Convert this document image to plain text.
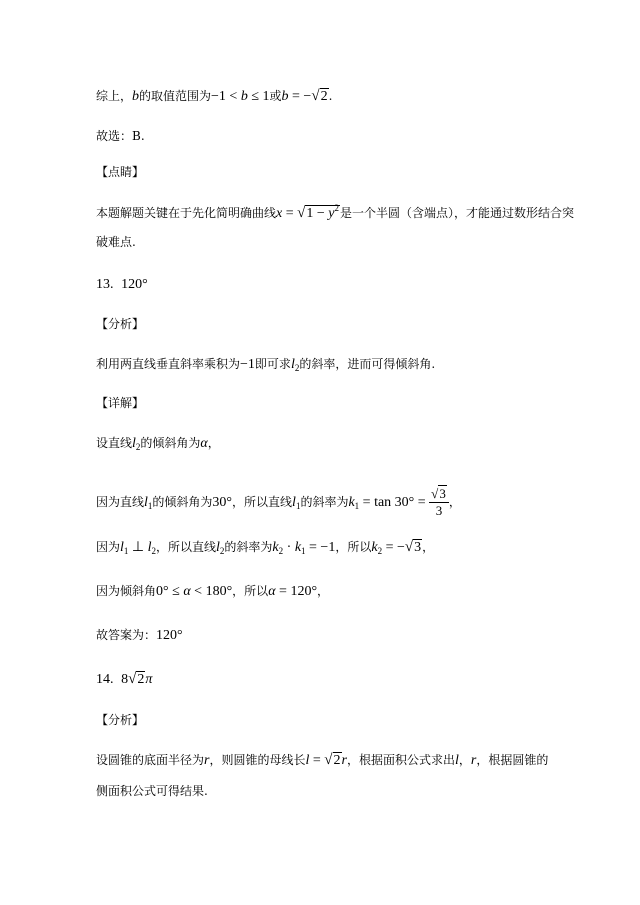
综上，b的取值范围为−1 < b ≤ 1或b = −√2.
故选：B.
【点睛】
本题解题关键在于先化简明确曲线$x = √1 - y^2$是一个半圆（含端点），才能通过数形结合突
破难点.
13. 120°
【分析】
利用两直线垂直斜率乘积为−1即可求$l_2$的斜率，进而可得倾斜角.
【详解】
设直线$l_2$的倾斜角为α，
因为直线$l_1$的倾斜角为30°，所以直线$l_1$的斜率为$k_1 = \tan 30^\circ = \frac{√3}{3}$ ，
因为$l_1$ ⊥ $l_2$，所以直线$l_2$的斜率为$k_2 \cdot k_1 = -1$，所以$k_2 = -√3$，
因为倾斜角0° ≤ α < 180°，所以α = 120°，
故答案为：120°
14. 8√2π
【分析】
设圆锥的底面半径为r，则圆锥的母线长l = √2r，根据面积公式求出l，r，根据圆锥的
侧面积公式可得结果.
